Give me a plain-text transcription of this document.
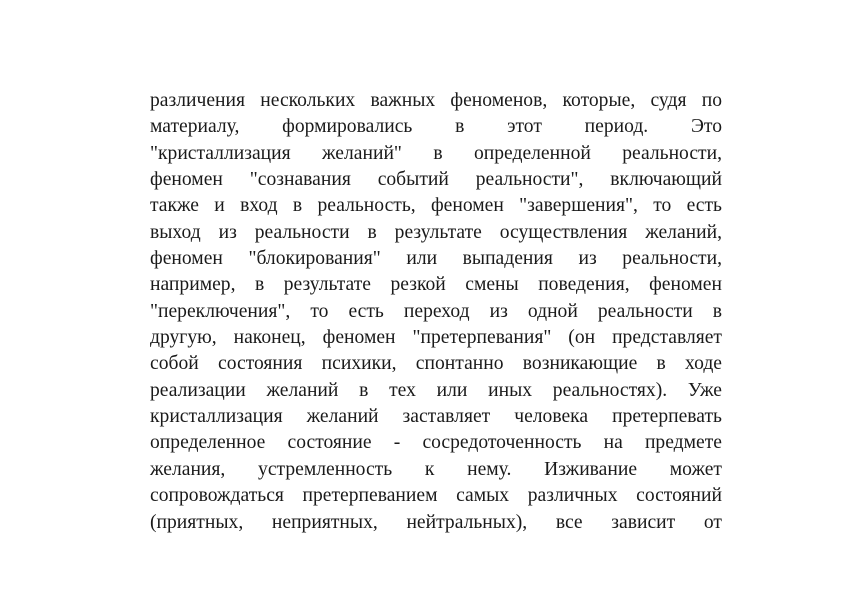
различения нескольких важных феноменов, которые, судя по
материалу, формировались в этот период. Это
"кристаллизация желаний" в определенной реальности,
феномен "сознавания событий реальности", включающий
также и вход в реальность, феномен "завершения", то есть
выход из реальности в результате осуществления желаний,
феномен "блокирования" или выпадения из реальности,
например, в результате резкой смены поведения, феномен
"переключения", то есть переход из одной реальности в
другую, наконец, феномен "претерпевания" (он представляет
собой состояния психики, спонтанно возникающие в ходе
реализации желаний в тех или иных реальностях). Уже
кристаллизация желаний заставляет человека претерпевать
определенное состояние - сосредоточенность на предмете
желания, устремленность к нему. Изживание может
сопровождаться претерпеванием самых различных состояний
(приятных, неприятных, нейтральных), все зависит от
